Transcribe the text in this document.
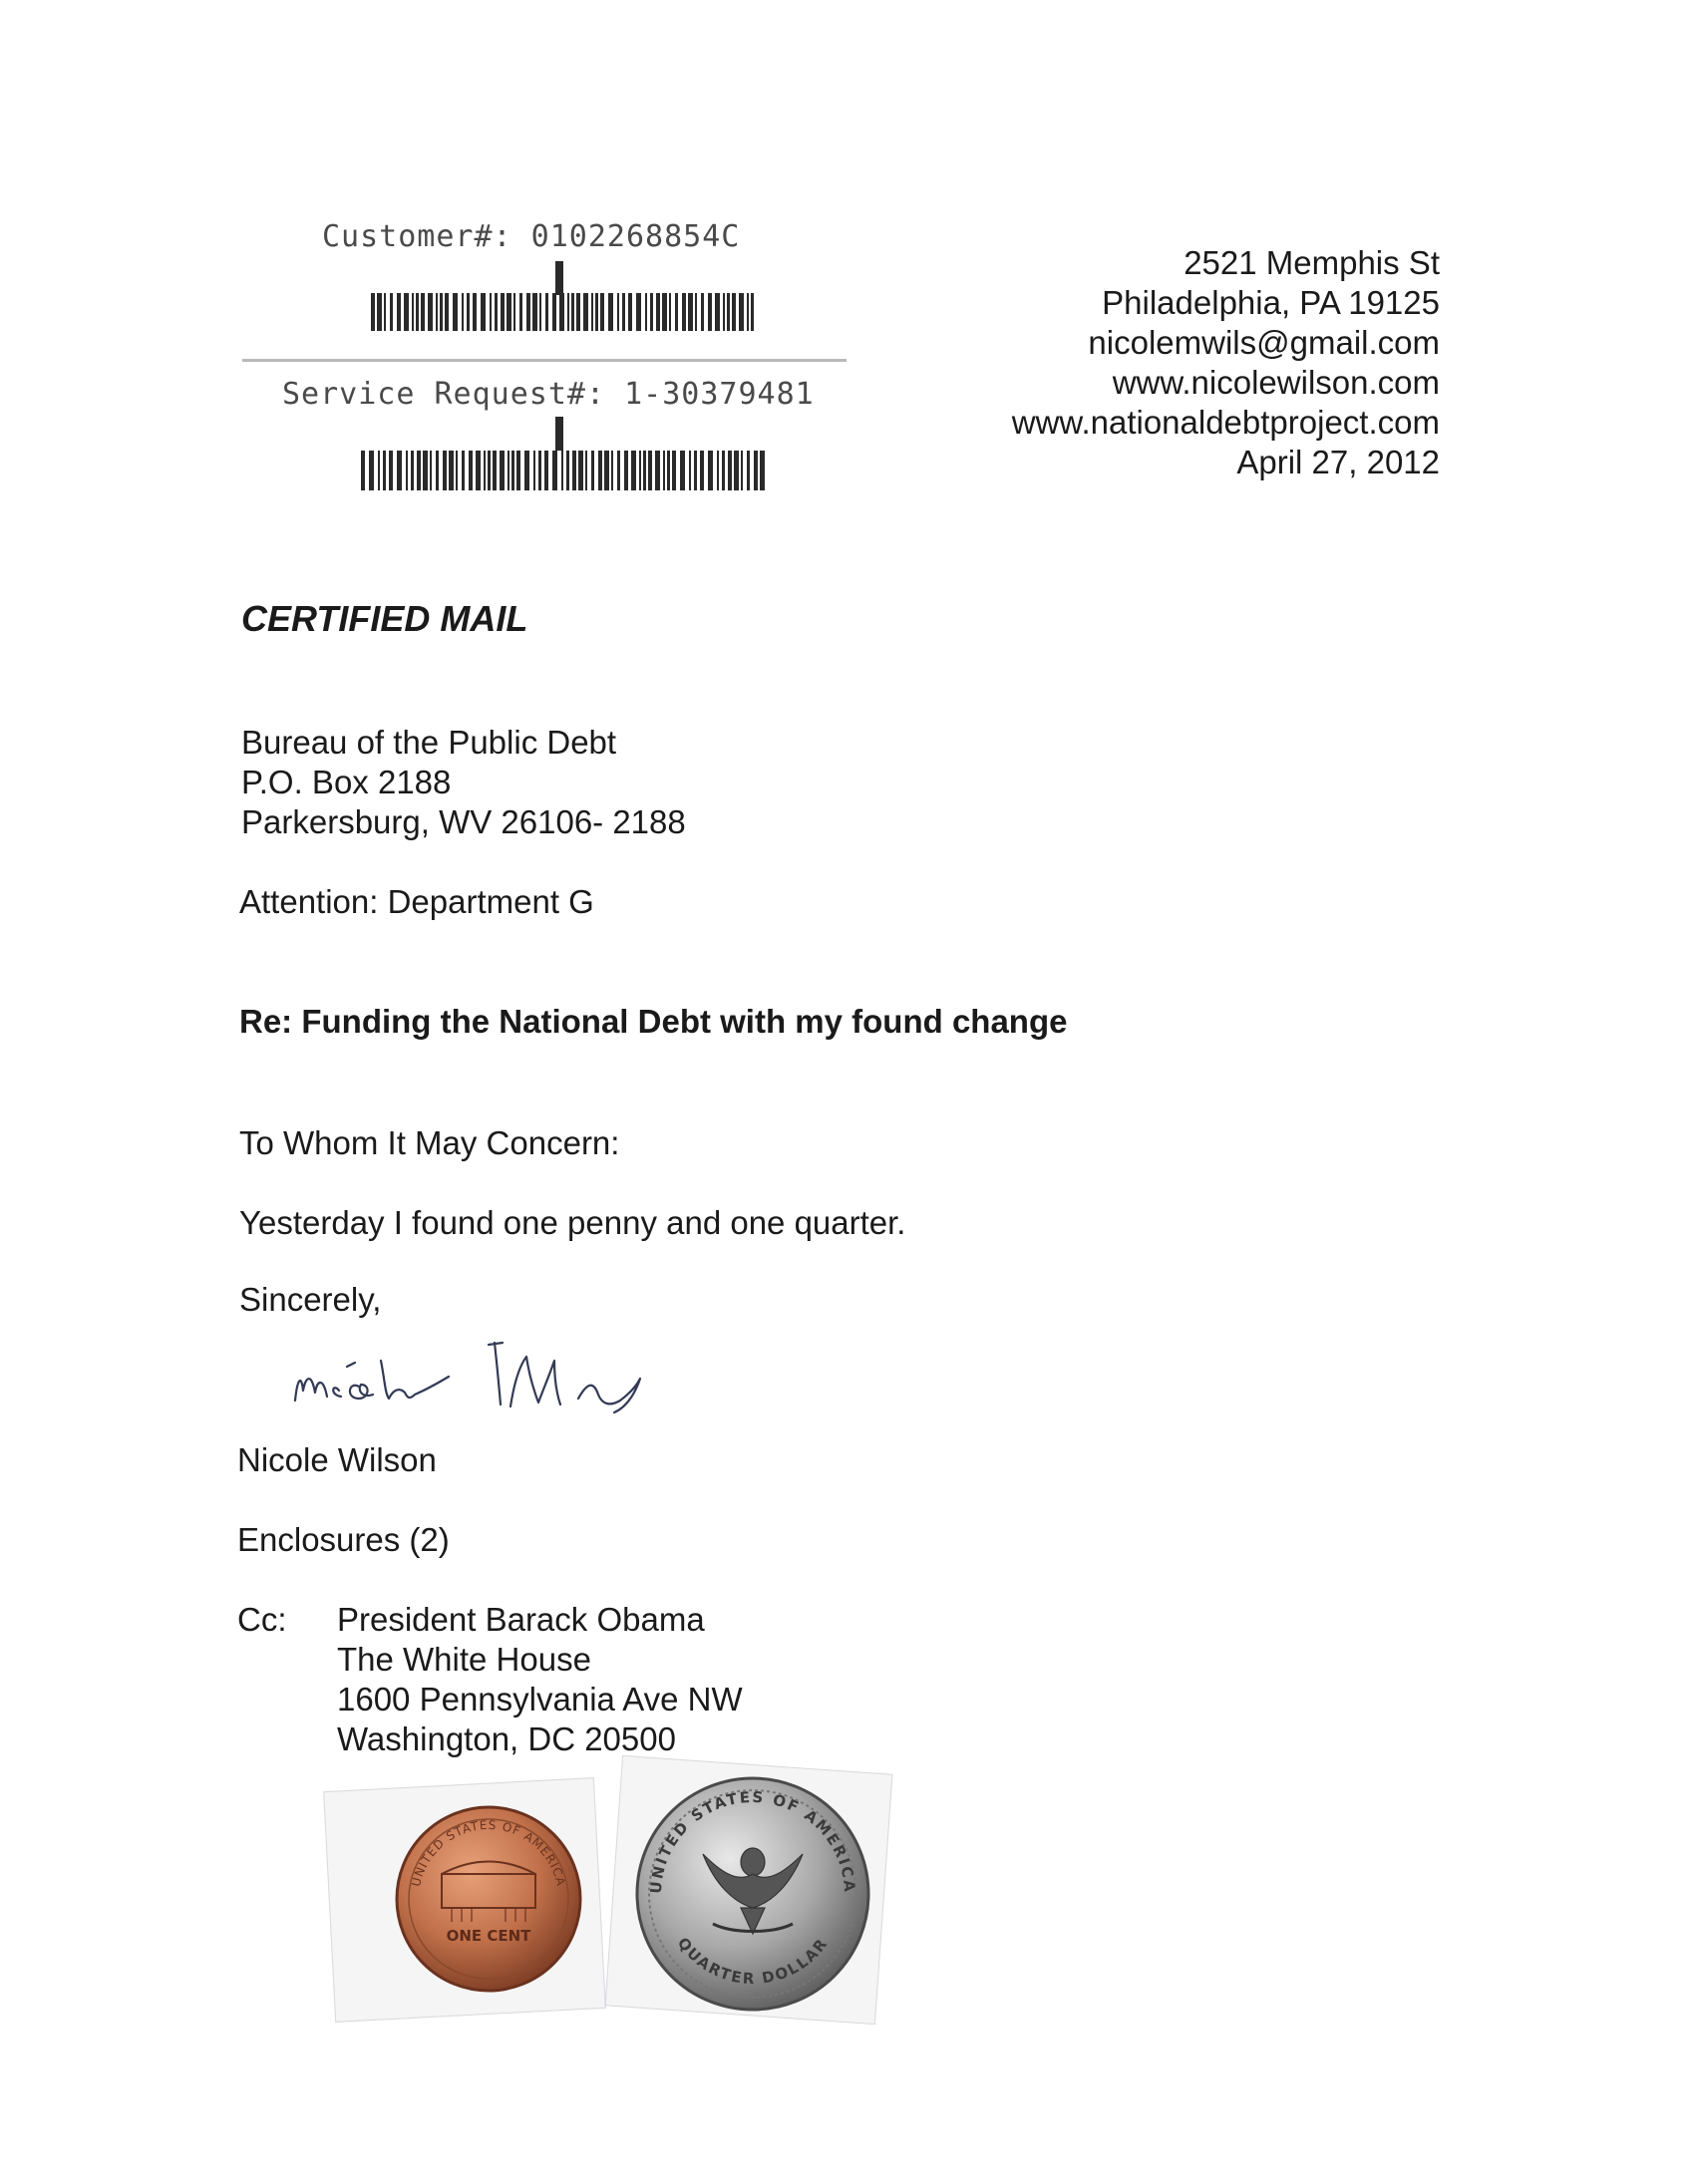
Customer#: 0102268854C
Service Request#: 1-30379481
2521 Memphis St
Philadelphia, PA 19125
nicolemwils@gmail.com
www.nicolewilson.com
www.nationaldebtproject.com
April 27, 2012
CERTIFIED MAIL
Bureau of the Public Debt
P.O. Box 2188
Parkersburg, WV 26106- 2188
Attention: Department G
Re: Funding the National Debt with my found change
To Whom It May Concern:
Yesterday I found one penny and one quarter.
Sincerely,
Nicole Wilson
Enclosures (2)
Cc: President Barack Obama
The White House
1600 Pennsylvania Ave NW
Washington, DC 20500
UNITED STATES OF AMERICA
ONE CENT
UNITED STATES OF AMERICA
QUARTER DOLLAR
